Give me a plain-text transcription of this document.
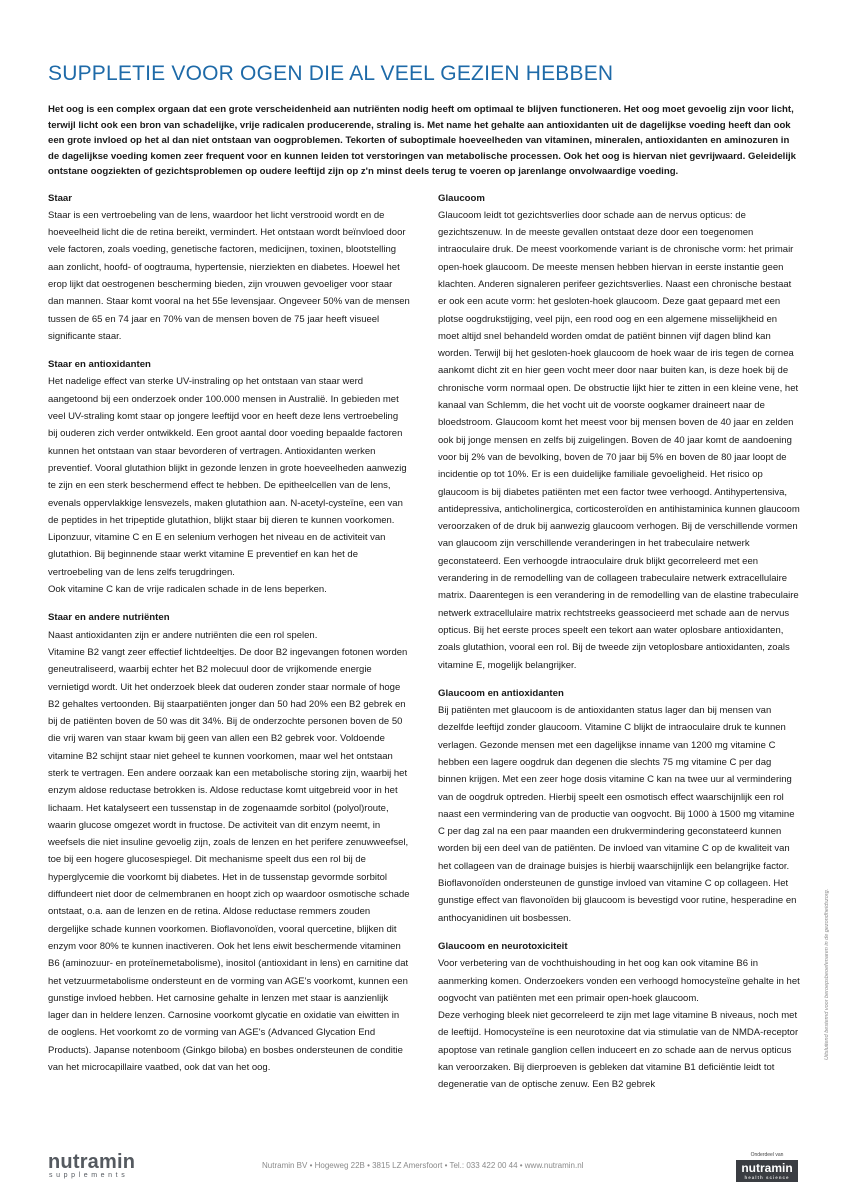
SUPPLETIE VOOR OGEN DIE AL VEEL GEZIEN HEBBEN

Het oog is een complex orgaan dat een grote verscheidenheid aan nutriënten nodig heeft om optimaal te blijven functioneren. Het oog moet gevoelig zijn voor licht, terwijl licht ook een bron van schadelijke, vrije radicalen producerende, straling is. Met name het gehalte aan antioxidanten uit de dagelijkse voeding heeft dan ook een grote invloed op het al dan niet ontstaan van oogproblemen. Tekorten of suboptimale hoeveelheden van vitaminen, mineralen, antioxidanten en aminozuren in de dagelijkse voeding komen zeer frequent voor en kunnen leiden tot verstoringen van metabolische processen. Ook het oog is hiervan niet gevrijwaard. Geleidelijk ontstane oogziekten of gezichtsproblemen op oudere leeftijd zijn op z'n minst deels terug te voeren op jarenlange onvolwaardige voeding.

Staar

Staar is een vertroebeling van de lens, waardoor het licht verstrooid wordt en de hoeveelheid licht die de retina bereikt, vermindert. Het ontstaan wordt beïnvloed door vele factoren, zoals voeding, genetische factoren, medicijnen, toxinen, blootstelling aan zonlicht, hoofd- of oogtrauma, hypertensie, nierziekten en diabetes. Hoewel het erop lijkt dat oestrogenen bescherming bieden, zijn vrouwen gevoeliger voor staar dan mannen. Staar komt vooral na het 55e levensjaar. Ongeveer 50% van de mensen tussen de 65 en 74 jaar en 70% van de mensen boven de 75 jaar heeft visueel significante staar.

Staar en antioxidanten

Het nadelige effect van sterke UV-instraling op het ontstaan van staar werd aangetoond bij een onderzoek onder 100.000 mensen in Australië. In gebieden met veel UV-straling komt staar op jongere leeftijd voor en heeft deze lens vertroebeling bij ouderen zich verder ontwikkeld. Een groot aantal door voeding bepaalde factoren kunnen het ontstaan van staar bevorderen of vertragen. Antioxidanten werken preventief. Vooral glutathion blijkt in gezonde lenzen in grote hoeveelheden aanwezig te zijn en een sterk beschermend effect te hebben. De epitheelcellen van de lens, evenals oppervlakkige lensvezels, maken glutathion aan. N-acetyl-cysteïne, een van de peptides in het tripeptide glutathion, blijkt staar bij dieren te kunnen voorkomen. Liponzuur, vitamine C en E en selenium verhogen het niveau en de activiteit van glutathion. Bij beginnende staar werkt vitamine E preventief en kan het de vertroebeling van de lens zelfs terugdringen.

Ook vitamine C kan de vrije radicalen schade in de lens beperken.

Staar en andere nutriënten

Naast antioxidanten zijn er andere nutriënten die een rol spelen.

Vitamine B2 vangt zeer effectief lichtdeeltjes. De door B2 ingevangen fotonen worden geneutraliseerd, waarbij echter het B2 molecuul door de vrijkomende energie vernietigd wordt. Uit het onderzoek bleek dat ouderen zonder staar normale of hoge B2 gehaltes vertoonden. Bij staarpatiënten jonger dan 50 had 20% een B2 gebrek en bij de patiënten boven de 50 was dit 34%. Bij de onderzochte personen boven de 50 die vrij waren van staar kwam bij geen van allen een B2 gebrek voor. Voldoende vitamine B2 schijnt staar niet geheel te kunnen voorkomen, maar wel het ontstaan sterk te vertragen. Een andere oorzaak kan een metabolische storing zijn, waarbij het enzym aldose reductase betrokken is. Aldose reductase komt uitgebreid voor in het lichaam. Het katalyseert een tussenstap in de zogenaamde sorbitol (polyol)route, waarin glucose omgezet wordt in fructose. De activiteit van dit enzym neemt, in weefsels die niet insuline gevoelig zijn, zoals de lenzen en het perifere zenuwweefsel, toe bij een hogere glucosespiegel. Dit mechanisme speelt dus een rol bij de hyperglycemie die voorkomt bij diabetes. Het in de tussenstap gevormde sorbitol diffundeert niet door de celmembranen en hoopt zich op waardoor osmotische schade ontstaat, o.a. aan de lenzen en de retina. Aldose reductase remmers zouden dergelijke schade kunnen voorkomen. Bioflavonoïden, vooral quercetine, blijken dit enzym voor 80% te kunnen inactiveren. Ook het lens eiwit beschermende vitaminen B6 (aminozuur- en proteïnemetabolisme), inositol (antioxidant in lens) en carnitine dat het vetzuurmetabolisme ondersteunt en de vorming van AGE's voorkomt, kunnen een gunstige invloed hebben. Het carnosine gehalte in lenzen met staar is aanzienlijk lager dan in heldere lenzen. Carnosine voorkomt glycatie en oxidatie van eiwitten in de ooglens. Het voorkomt zo de vorming van AGE's (Advanced Glycation End Products). Japanse notenboom (Ginkgo biloba) en bosbes ondersteunen de conditie van het microcapillaire vaatbed, ook dat van het oog.

Glaucoom

Glaucoom leidt tot gezichtsverlies door schade aan de nervus opticus: de gezichtszenuw. In de meeste gevallen ontstaat deze door een toegenomen intraoculaire druk. De meest voorkomende variant is de chronische vorm: het primair open-hoek glaucoom. De meeste mensen hebben hiervan in eerste instantie geen klachten. Anderen signaleren perifeer gezichtsverlies. Naast een chronische bestaat er ook een acute vorm: het gesloten-hoek glaucoom. Deze gaat gepaard met een plotse oogdrukstijging, veel pijn, een rood oog en een algemene misselijkheid en moet altijd snel behandeld worden omdat de patiënt binnen vijf dagen blind kan worden. Terwijl bij het gesloten-hoek glaucoom de hoek waar de iris tegen de cornea aankomt dicht zit en hier geen vocht meer door naar buiten kan, is deze hoek bij de chronische vorm normaal open. De obstructie lijkt hier te zitten in een kleine vene, het kanaal van Schlemm, die het vocht uit de voorste oogkamer draineert naar de bloedstroom. Glaucoom komt het meest voor bij mensen boven de 40 jaar en zelden ook bij jonge mensen en zelfs bij zuigelingen. Boven de 40 jaar komt de aandoening voor bij 2% van de bevolking, boven de 70 jaar bij 5% en boven de 80 jaar loopt de incidentie op tot 10%. Er is een duidelijke familiale gevoeligheid. Het risico op glaucoom is bij diabetes patiënten met een factor twee verhoogd. Antihypertensiva, antidepressiva, anticholinergica, corticosteroïden en antihistaminica kunnen glaucoom veroorzaken of de druk bij aanwezig glaucoom verhogen. Bij de verschillende vormen van glaucoom zijn verschillende veranderingen in het trabeculaire netwerk geconstateerd. Een verhoogde intraoculaire druk blijkt gecorreleerd met een verandering in de remodelling van de collageen trabeculaire netwerk extracellulaire matrix. Daarentegen is een verandering in de remodelling van de elastine trabeculaire netwerk extracellulaire matrix rechtstreeks geassocieerd met schade aan de nervus opticus. Bij het eerste proces speelt een tekort aan water oplosbare antioxidanten, zoals glutathion, vooral een rol. Bij de tweede zijn vetoplosbare antioxidanten, zoals vitamine E, mogelijk belangrijker.

Glaucoom en antioxidanten

Bij patiënten met glaucoom is de antioxidanten status lager dan bij mensen van dezelfde leeftijd zonder glaucoom. Vitamine C blijkt de intraoculaire druk te kunnen verlagen. Gezonde mensen met een dagelijkse inname van 1200 mg vitamine C hebben een lagere oogdruk dan degenen die slechts 75 mg vitamine C per dag binnen krijgen. Met een zeer hoge dosis vitamine C kan na twee uur al vermindering van de oogdruk optreden. Hierbij speelt een osmotisch effect waarschijnlijk een rol naast een vermindering van de productie van oogvocht. Bij 1000 à 1500 mg vitamine C per dag zal na een paar maanden een drukvermindering geconstateerd kunnen worden bij een deel van de patiënten. De invloed van vitamine C op de kwaliteit van het collageen van de drainage buisjes is hierbij waarschijnlijk een belangrijke factor. Bioflavonoïden ondersteunen de gunstige invloed van vitamine C op collageen. Het gunstige effect van flavonoïden bij glaucoom is bevestigd voor rutine, hesperadine en anthocyanidinen uit bosbessen.

Glaucoom en neurotoxiciteit

Voor verbetering van de vochthuishouding in het oog kan ook vitamine B6 in aanmerking komen. Onderzoekers vonden een verhoogd homocysteïne gehalte in het oogvocht van patiënten met een primair open-hoek glaucoom.

Deze verhoging bleek niet gecorreleerd te zijn met lage vitamine B niveaus, noch met de leeftijd. Homocysteïne is een neurotoxine dat via stimulatie van de NMDA-receptor apoptose van retinale ganglion cellen induceert en zo schade aan de nervus opticus kan veroorzaken. Bij dierproeven is gebleken dat vitamine B1 deficiëntie leidt tot degeneratie van de optische zenuw. Een B2 gebrek

nutramin
supplements
Nutramin BV • Hogeweg 22B • 3815 LZ Amersfoort • Tel.: 033 422 00 44 • www.nutramin.nl
Onderdeel van
nutramin
health science
Uitsluitend bestemd voor beroepsbeoefenaren in de gezondheidszorg.
